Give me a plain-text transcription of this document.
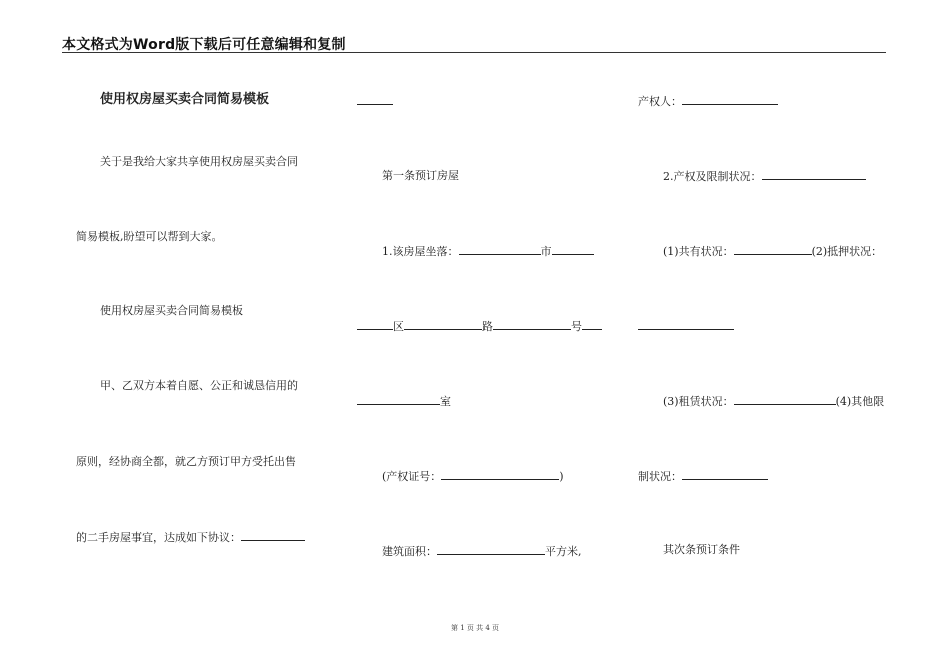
本文格式为Word版下载后可任意编辑和复制
使用权房屋买卖合同简易模板
关于是我给大家共享使用权房屋买卖合同
简易模板,盼望可以帮到大家。
使用权房屋买卖合同简易模板
甲、乙双方本着自愿、公正和诚恳信用的
原则，经协商全都，就乙方预订甲方受托出售
的二手房屋事宜，达成如下协议：
第一条预订房屋
1.该房屋坐落：	市
区	路	号
室
(产权证号：	)
建筑面积：	平方米,
产权人：
2.产权及限制状况：
(1)共有状况：	(2)抵押状况：
(3)租赁状况：	(4)其他限
制状况：
其次条预订条件
第 1 页 共 4 页
